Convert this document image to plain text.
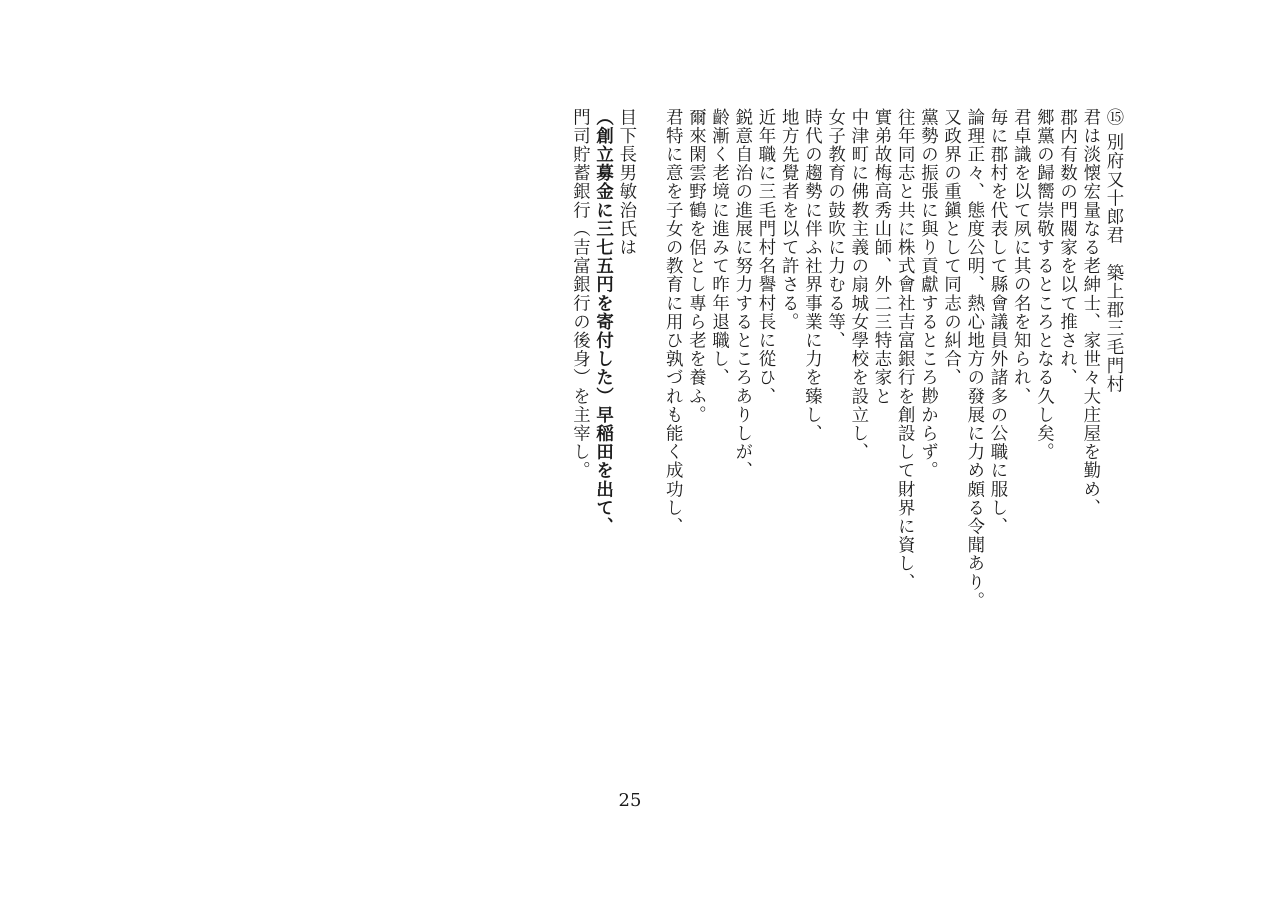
⑮ 別府又十郎君　築上郡三毛門村
君は淡懐宏量なる老紳士、家世々大庄屋を勤め、
郡内有数の門閥家を以て推され、
郷黨の歸嚮崇敬するところとなる久し矣。
君卓識を以て夙に其の名を知られ、
毎に郡村を代表して縣會議員外諸多の公職に服し、
論理正々、態度公明、熱心地方の發展に力め頗る令聞あり。
又政界の重鎭として同志の糾合、
黨勢の振張に與り貢獻するところ尠からず。
往年同志と共に株式會社吉富銀行を創設して財界に資し、
實弟故梅高秀山師、外二三特志家と
中津町に佛教主義の扇城女學校を設立し、
女子教育の鼓吹に力むる等、
時代の趨勢に伴ふ社界事業に力を臻し、
地方先覺者を以て許さる。
近年職に三毛門村名譽村長に從ひ、
鋭意自治の進展に努力するところありしが、
齡漸く老境に進みて昨年退職し、
爾來閑雲野鶴を侶とし專ら老を養ふ。
君特に意を子女の教育に用ひ孰づれも能く成功し、
目下長男敏治氏は
（創立募金に三七五円を寄付した）早稲田を出て、
門司貯蓄銀行（吉富銀行の後身）を主宰し。
25
